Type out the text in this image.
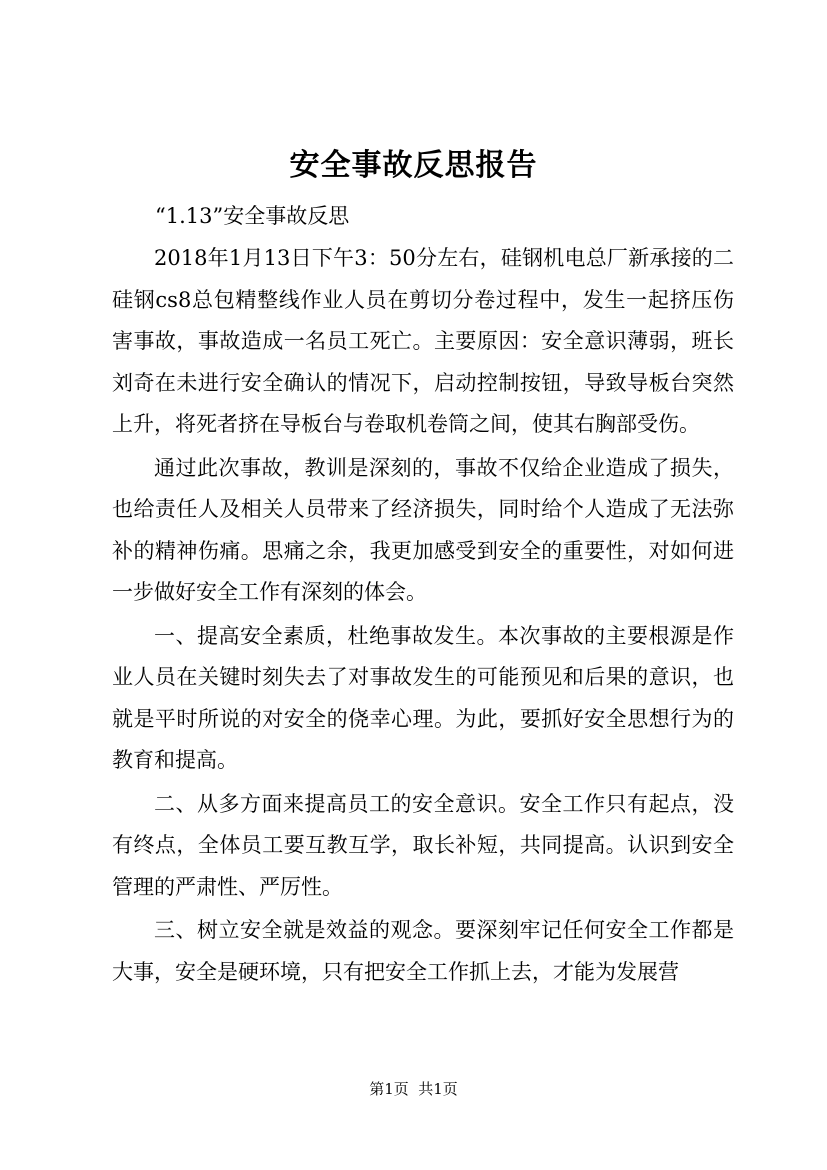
安全事故反思报告
“1.13”安全事故反思

2018年1月13日下午3：50分左右，硅钢机电总厂新承接的二硅钢cs8总包精整线作业人员在剪切分卷过程中，发生一起挤压伤害事故，事故造成一名员工死亡。主要原因：安全意识薄弱，班长刘奇在未进行安全确认的情况下，启动控制按钮，导致导板台突然上升，将死者挤在导板台与卷取机卷筒之间，使其右胸部受伤。

通过此次事故，教训是深刻的，事故不仅给企业造成了损失，也给责任人及相关人员带来了经济损失，同时给个人造成了无法弥补的精神伤痛。思痛之余，我更加感受到安全的重要性，对如何进一步做好安全工作有深刻的体会。

一、提高安全素质，杜绝事故发生。本次事故的主要根源是作业人员在关键时刻失去了对事故发生的可能预见和后果的意识，也就是平时所说的对安全的侥幸心理。为此，要抓好安全思想行为的教育和提高。

二、从多方面来提高员工的安全意识。安全工作只有起点，没有终点，全体员工要互教互学，取长补短，共同提高。认识到安全管理的严肃性、严厉性。

三、树立安全就是效益的观念。要深刻牢记任何安全工作都是大事，安全是硬环境，只有把安全工作抓上去，才能为发展营

第1页  共1页
